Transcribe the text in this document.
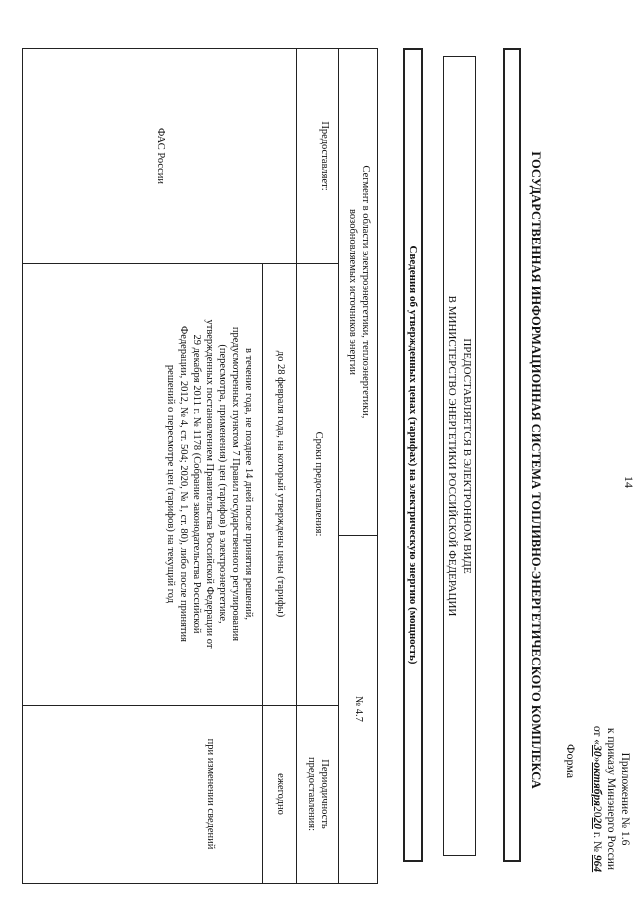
14
Приложение № 1.6
к приказу Минэнерго России
от «30»октября2020 г. № 964
Форма
ГОСУДАРСТВЕННАЯ ИНФОРМАЦИОННАЯ СИСТЕМА ТОПЛИВНО-ЭНЕРГЕТИЧЕСКОГО КОМПЛЕКСА
ПРЕДОСТАВЛЯЕТСЯ В ЭЛЕКТРОННОМ ВИДЕ
В МИНИСТЕРСТВО ЭНЕРГЕТИКИ РОССИЙСКОЙ ФЕДЕРАЦИИ
Сведения об утвержденных ценах (тарифах) на электрическую энергию (мощность)
Сегмент в области электроэнергетики, теплоэнергетики,
возобновляемых источников энергии
№ 4.7
Предоставляет:
Сроки предоставления:
Периодичность
предоставления:
ФАС России
до 28 февраля года, на который утверждены цены (тарифы)
ежегодно
в течение года, не позднее 14 дней после принятия решений,
предусмотренных пунктом 7 Правил государственного регулирования
(пересмотра, применения) цен (тарифов) в электроэнергетике,
утвержденных постановлением Правительства Российской Федерации от
29 декабря 2011 г. № 1178 (Собрание законодательства Российской
Федерации, 2012, № 4, ст. 504; 2020, № 1, ст. 80), либо после принятия
решений о пересмотре цен (тарифов) на текущий год
при изменении сведений
